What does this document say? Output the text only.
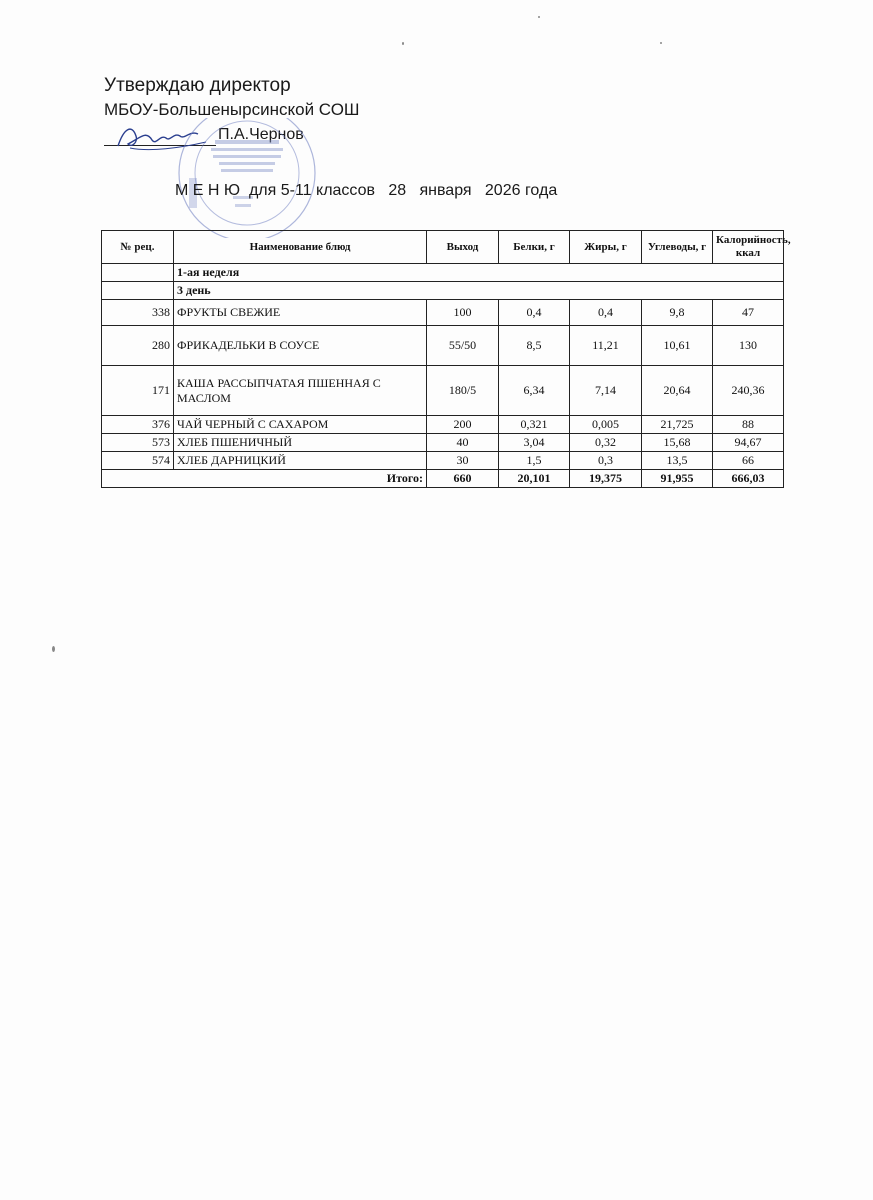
Утверждаю директор
МБОУ-Большенырсинской СОШ
П.А.Чернов
М Е Н Ю  для 5-11 классов   28   января   2026 года
№ рец.	Наименование блюд	Выход	Белки, г	Жиры, г	Углеводы, г	Калорийность, ккал
	1-ая неделя					
	3 день					
338	ФРУКТЫ СВЕЖИЕ	100	0,4	0,4	9,8	47
280	ФРИКАДЕЛЬКИ В СОУСЕ	55/50	8,5	11,21	10,61	130
171	КАША РАССЫПЧАТАЯ ПШЕННАЯ С МАСЛОМ	180/5	6,34	7,14	20,64	240,36
376	ЧАЙ ЧЕРНЫЙ С САХАРОМ	200	0,321	0,005	21,725	88
573	ХЛЕБ ПШЕНИЧНЫЙ	40	3,04	0,32	15,68	94,67
574	ХЛЕБ ДАРНИЦКИЙ	30	1,5	0,3	13,5	66
Итого:		660	20,101	19,375	91,955	666,03
